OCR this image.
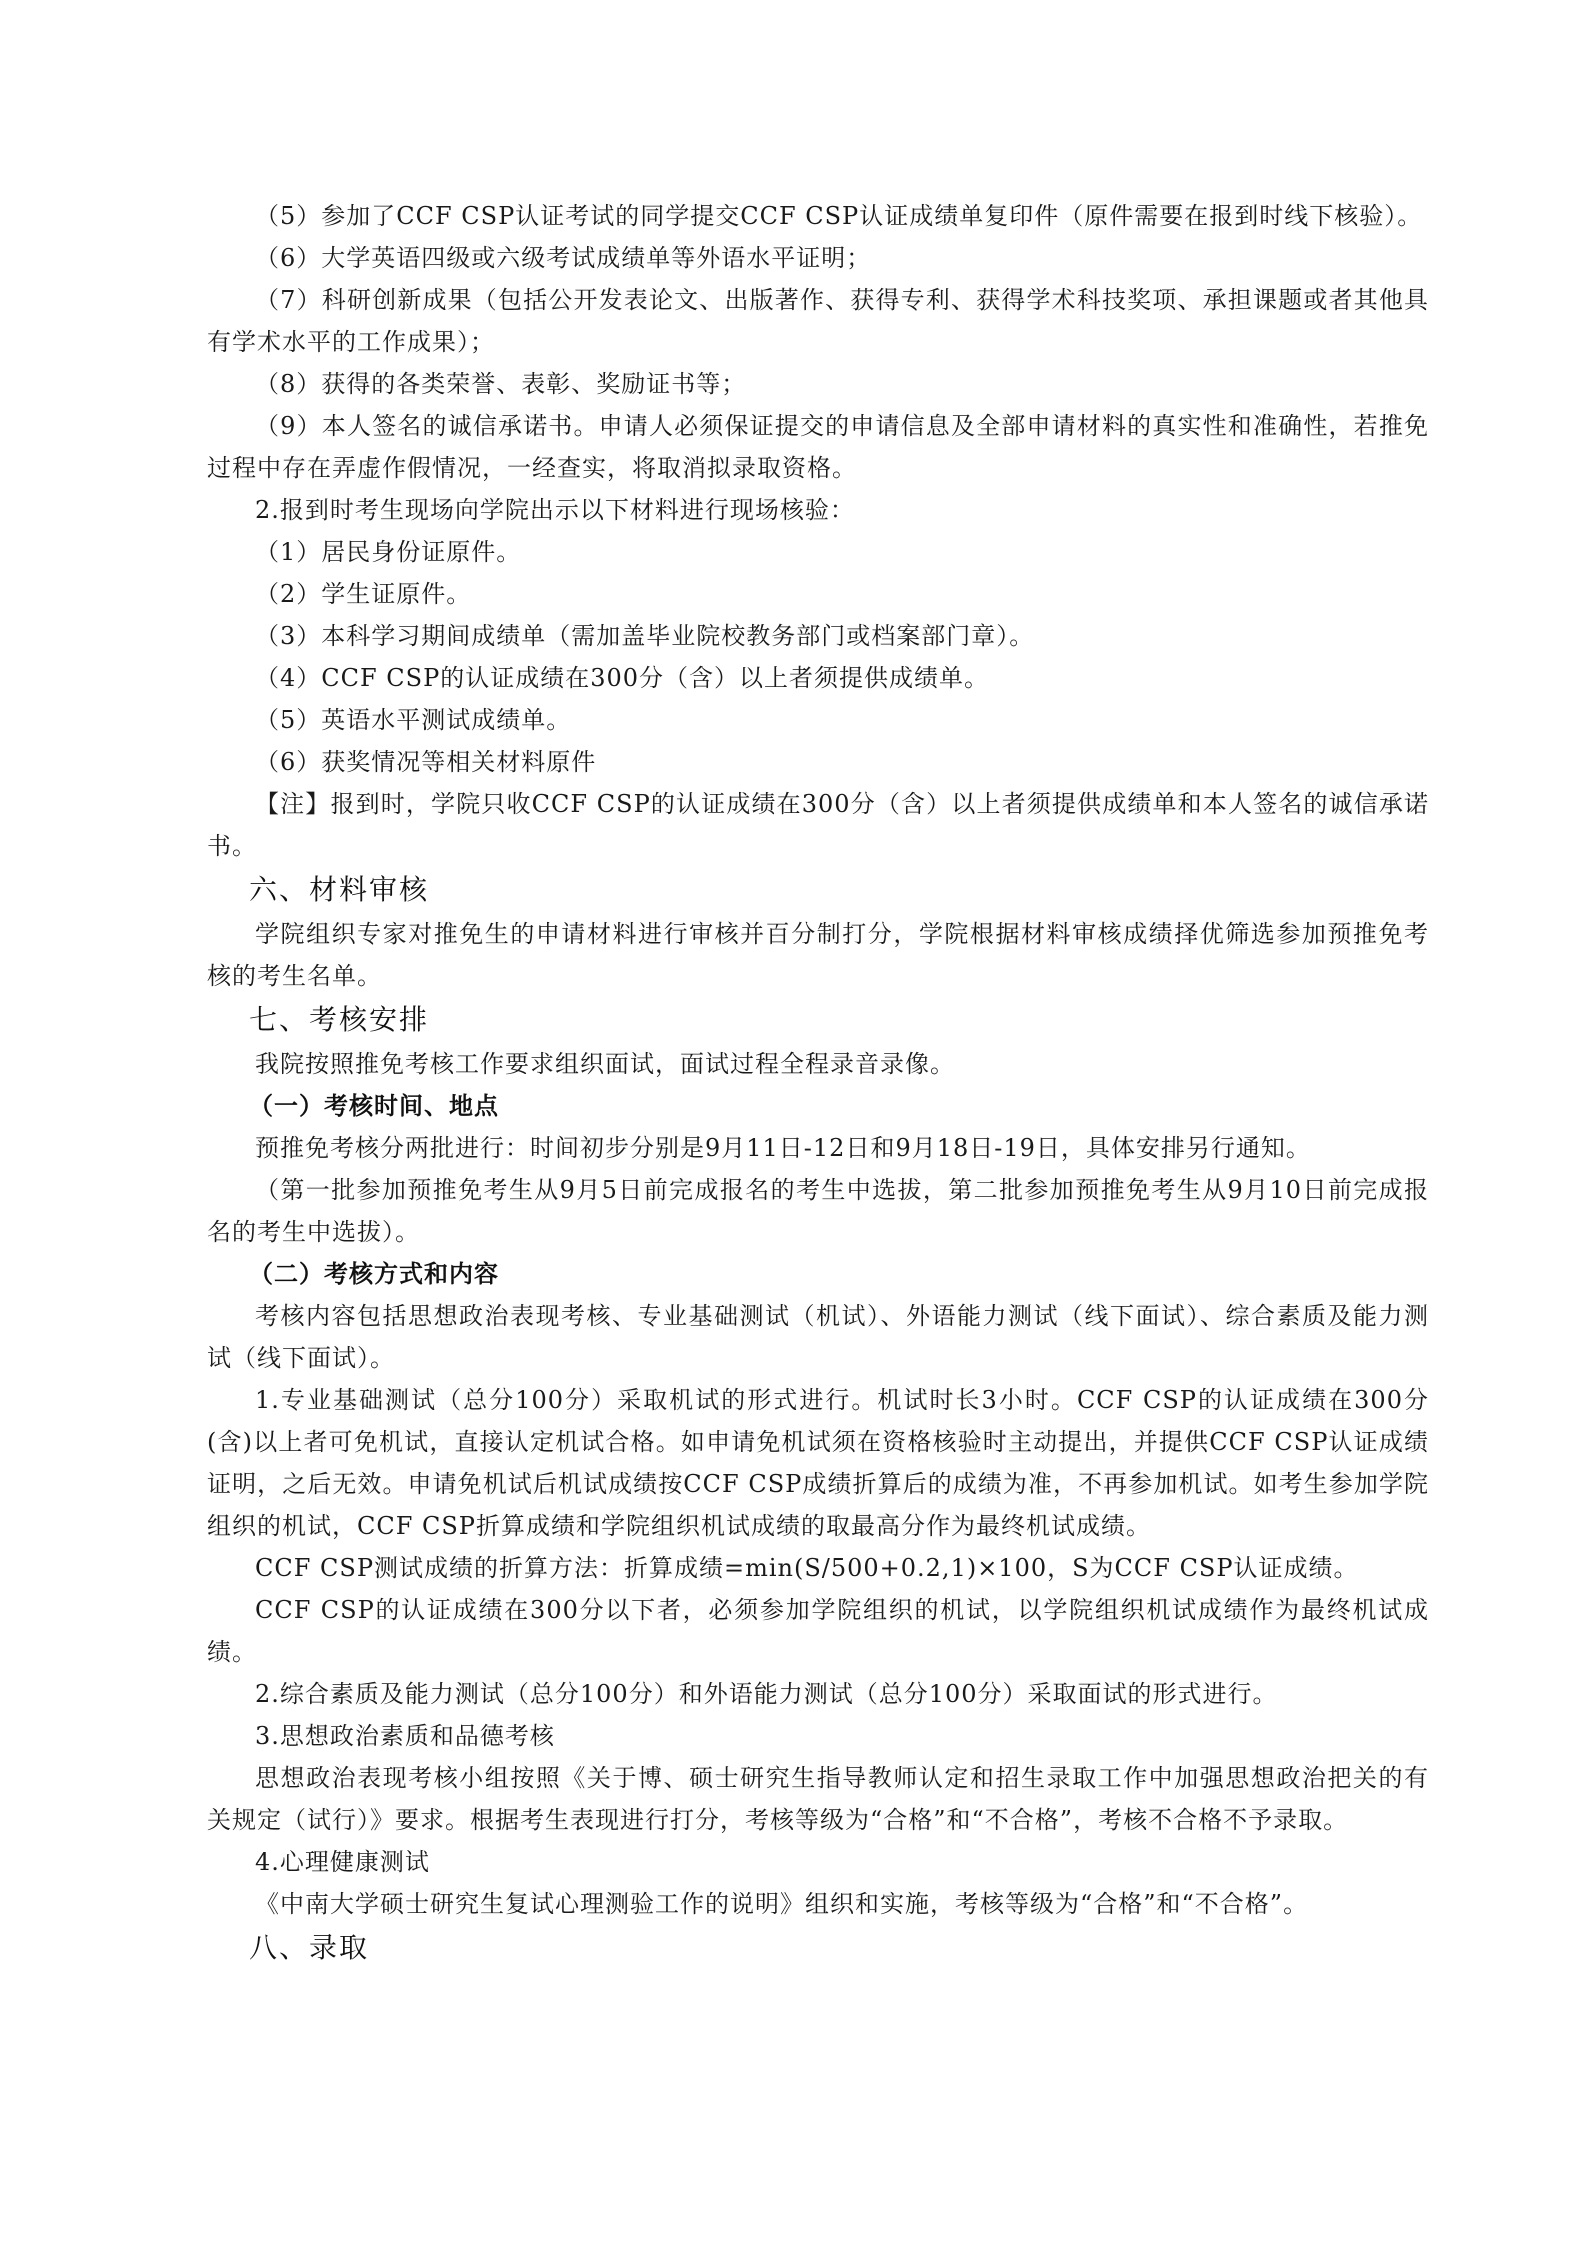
（5）参加了CCF CSP认证考试的同学提交CCF CSP认证成绩单复印件（原件需要在报到时线下核验）。

（6）大学英语四级或六级考试成绩单等外语水平证明；

（7）科研创新成果（包括公开发表论文、出版著作、获得专利、获得学术科技奖项、承担课题或者其他具有学术水平的工作成果）；

（8）获得的各类荣誉、表彰、奖励证书等；

（9）本人签名的诚信承诺书。申请人必须保证提交的申请信息及全部申请材料的真实性和准确性，若推免过程中存在弄虚作假情况，一经查实，将取消拟录取资格。

2.报到时考生现场向学院出示以下材料进行现场核验：

（1）居民身份证原件。

（2）学生证原件。

（3）本科学习期间成绩单（需加盖毕业院校教务部门或档案部门章）。

（4）CCF CSP的认证成绩在300分（含）以上者须提供成绩单。

（5）英语水平测试成绩单。

（6）获奖情况等相关材料原件

【注】报到时，学院只收CCF CSP的认证成绩在300分（含）以上者须提供成绩单和本人签名的诚信承诺书。

六、材料审核

学院组织专家对推免生的申请材料进行审核并百分制打分，学院根据材料审核成绩择优筛选参加预推免考核的考生名单。

七、考核安排

我院按照推免考核工作要求组织面试，面试过程全程录音录像。

（一）考核时间、地点

预推免考核分两批进行：时间初步分别是9月11日-12日和9月18日-19日，具体安排另行通知。

（第一批参加预推免考生从9月5日前完成报名的考生中选拔，第二批参加预推免考生从9月10日前完成报名的考生中选拔）。

（二）考核方式和内容

考核内容包括思想政治表现考核、专业基础测试（机试）、外语能力测试（线下面试）、综合素质及能力测试（线下面试）。

1.专业基础测试（总分100分）采取机试的形式进行。机试时长3小时。CCF CSP的认证成绩在300分(含)以上者可免机试，直接认定机试合格。如申请免机试须在资格核验时主动提出，并提供CCF CSP认证成绩证明，之后无效。申请免机试后机试成绩按CCF CSP成绩折算后的成绩为准，不再参加机试。如考生参加学院组织的机试，CCF CSP折算成绩和学院组织机试成绩的取最高分作为最终机试成绩。

CCF CSP测试成绩的折算方法：折算成绩=min(S/500+0.2,1)×100，S为CCF CSP认证成绩。

CCF CSP的认证成绩在300分以下者，必须参加学院组织的机试，以学院组织机试成绩作为最终机试成绩。

2.综合素质及能力测试（总分100分）和外语能力测试（总分100分）采取面试的形式进行。

3.思想政治素质和品德考核

思想政治表现考核小组按照《关于博、硕士研究生指导教师认定和招生录取工作中加强思想政治把关的有关规定（试行）》要求。根据考生表现进行打分，考核等级为“合格”和“不合格”，考核不合格不予录取。

4.心理健康测试

《中南大学硕士研究生复试心理测验工作的说明》组织和实施，考核等级为“合格”和“不合格”。

八、录取
